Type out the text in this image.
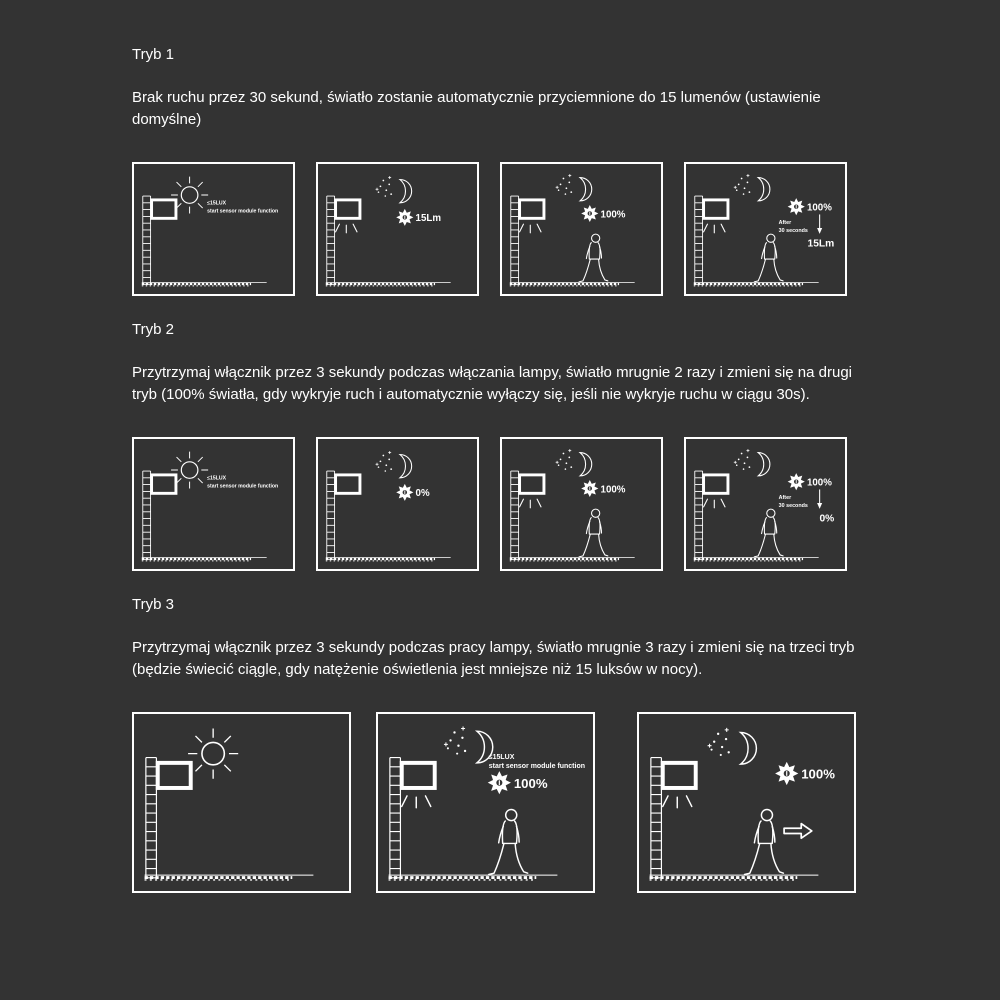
Tryb 1

Brak ruchu przez 30 sekund, światło zostanie automatycznie przyciemnione do 15 lumenów (ustawienie domyślne)

≤15LUX
start sensor module function
15Lm	100%
100%
After
30 seconds
15Lm
Tryb 2

Przytrzymaj włącznik przez 3 sekundy podczas włączania lampy, światło mrugnie 2 razy i zmieni się na drugi tryb (100% światła, gdy wykryje ruch i automatycznie wyłączy się, jeśli nie wykryje ruchu w ciągu 30s).

≤15LUX
start sensor module function
0%	100%
100%
After
30 seconds
0%
Tryb 3

Przytrzymaj włącznik przez 3 sekundy podczas pracy lampy, światło mrugnie 3 razy i zmieni się na trzeci tryb (będzie świecić ciągle, gdy natężenie oświetlenia jest mniejsze niż 15 luksów w nocy).

≤15LUX
start sensor module function
100%
100%
